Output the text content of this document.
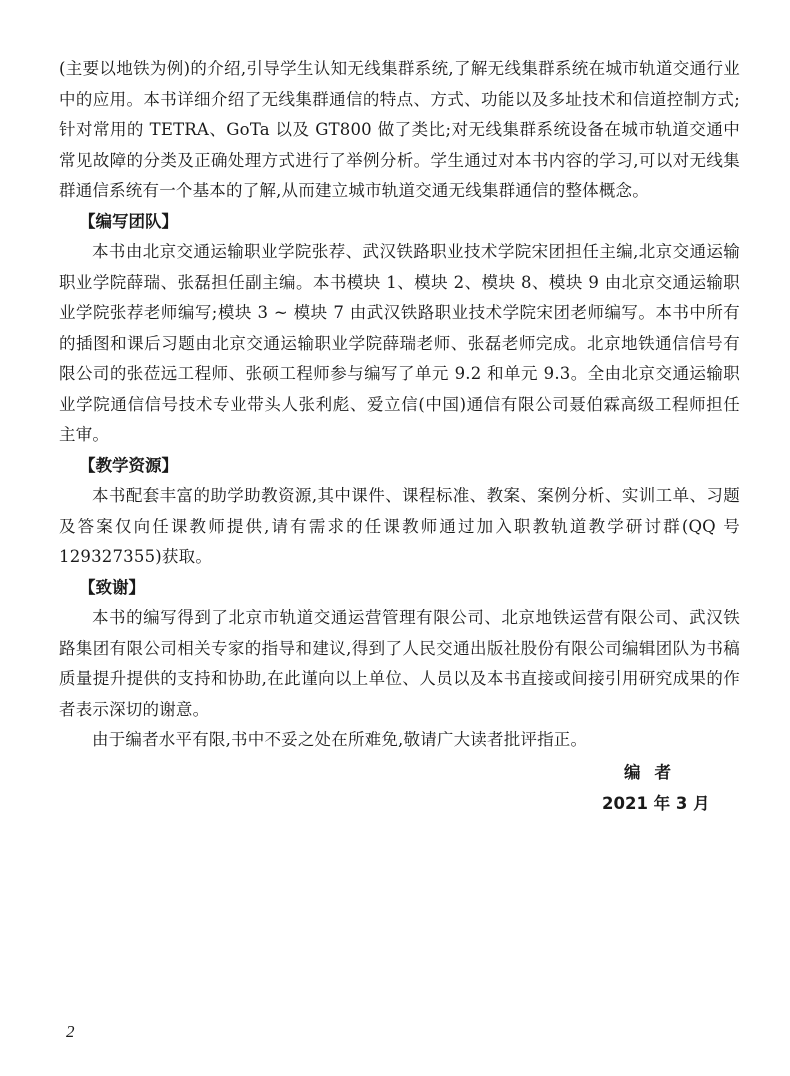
(主要以地铁为例)的介绍,引导学生认知无线集群系统,了解无线集群系统在城市轨道交通行业中的应用。本书详细介绍了无线集群通信的特点、方式、功能以及多址技术和信道控制方式;针对常用的 TETRA、GoTa 以及 GT800 做了类比;对无线集群系统设备在城市轨道交通中常见故障的分类及正确处理方式进行了举例分析。学生通过对本书内容的学习,可以对无线集群通信系统有一个基本的了解,从而建立城市轨道交通无线集群通信的整体概念。

【编写团队】

本书由北京交通运输职业学院张荐、武汉铁路职业技术学院宋团担任主编,北京交通运输职业学院薛瑞、张磊担任副主编。本书模块 1、模块 2、模块 8、模块 9 由北京交通运输职业学院张荐老师编写;模块 3 ~ 模块 7 由武汉铁路职业技术学院宋团老师编写。本书中所有的插图和课后习题由北京交通运输职业学院薛瑞老师、张磊老师完成。北京地铁通信信号有限公司的张莅远工程师、张硕工程师参与编写了单元 9.2 和单元 9.3。全由北京交通运输职业学院通信信号技术专业带头人张利彪、爱立信(中国)通信有限公司聂伯霖高级工程师担任主审。

【教学资源】

本书配套丰富的助学助教资源,其中课件、课程标准、教案、案例分析、实训工单、习题及答案仅向任课教师提供,请有需求的任课教师通过加入职教轨道教学研讨群(QQ 号 129327355)获取。

【致谢】

本书的编写得到了北京市轨道交通运营管理有限公司、北京地铁运营有限公司、武汉铁路集团有限公司相关专家的指导和建议,得到了人民交通出版社股份有限公司编辑团队为书稿质量提升提供的支持和协助,在此谨向以上单位、人员以及本书直接或间接引用研究成果的作者表示深切的谢意。

由于编者水平有限,书中不妥之处在所难免,敬请广大读者批评指正。

编者
2021 年 3 月
2
